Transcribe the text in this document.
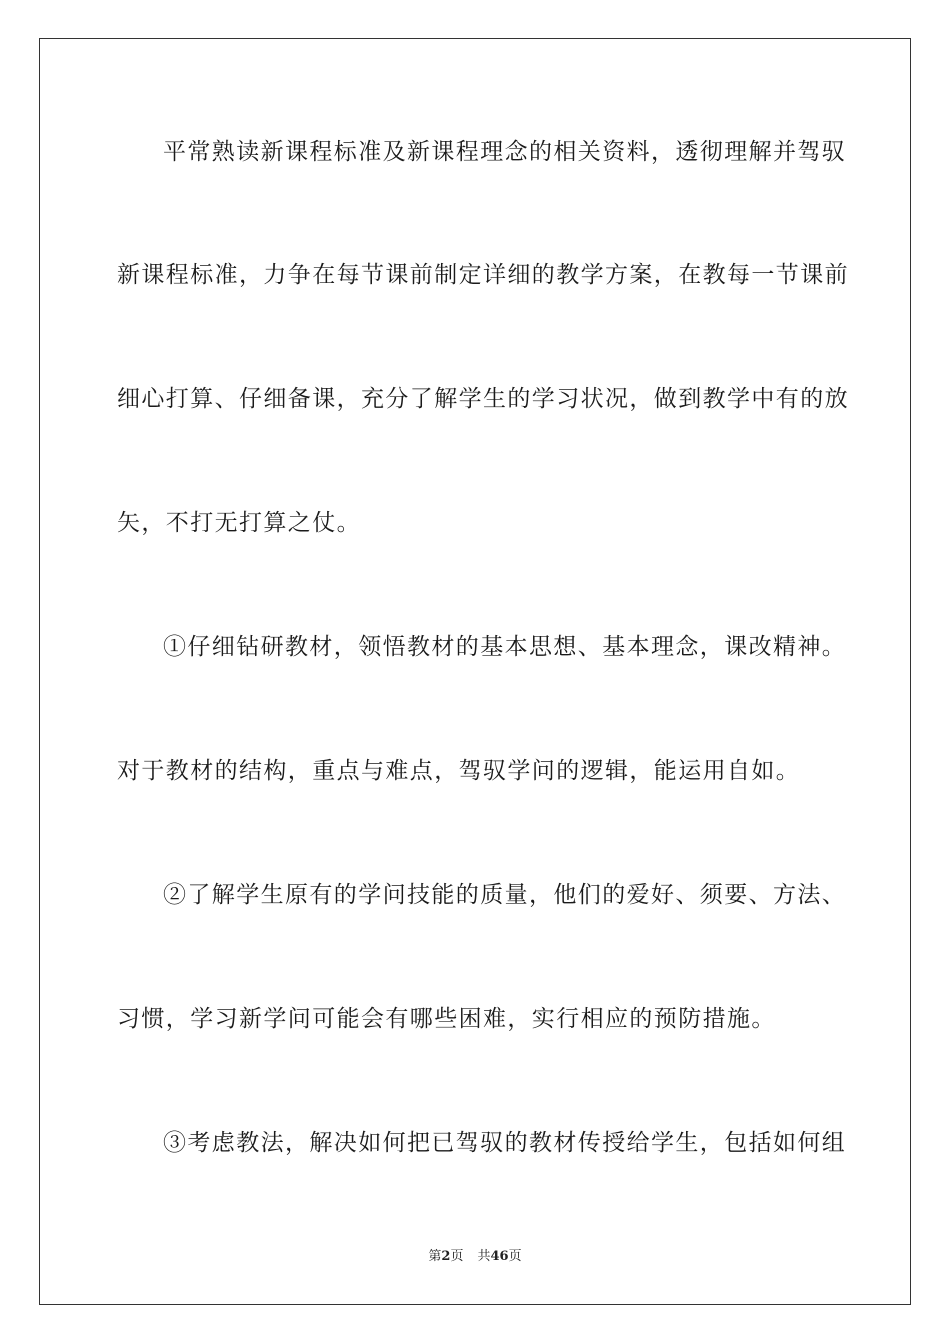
平常熟读新课程标准及新课程理念的相关资料，透彻理解并驾驭
新课程标准，力争在每节课前制定详细的教学方案，在教每一节课前
细心打算、仔细备课，充分了解学生的学习状况，做到教学中有的放
矢，不打无打算之仗。
①仔细钻研教材，领悟教材的基本思想、基本理念，课改精神。
对于教材的结构，重点与难点，驾驭学问的逻辑，能运用自如。
②了解学生原有的学问技能的质量，他们的爱好、须要、方法、
习惯，学习新学问可能会有哪些困难，实行相应的预防措施。
③考虑教法，解决如何把已驾驭的教材传授给学生，包括如何组
第2页 共46页
